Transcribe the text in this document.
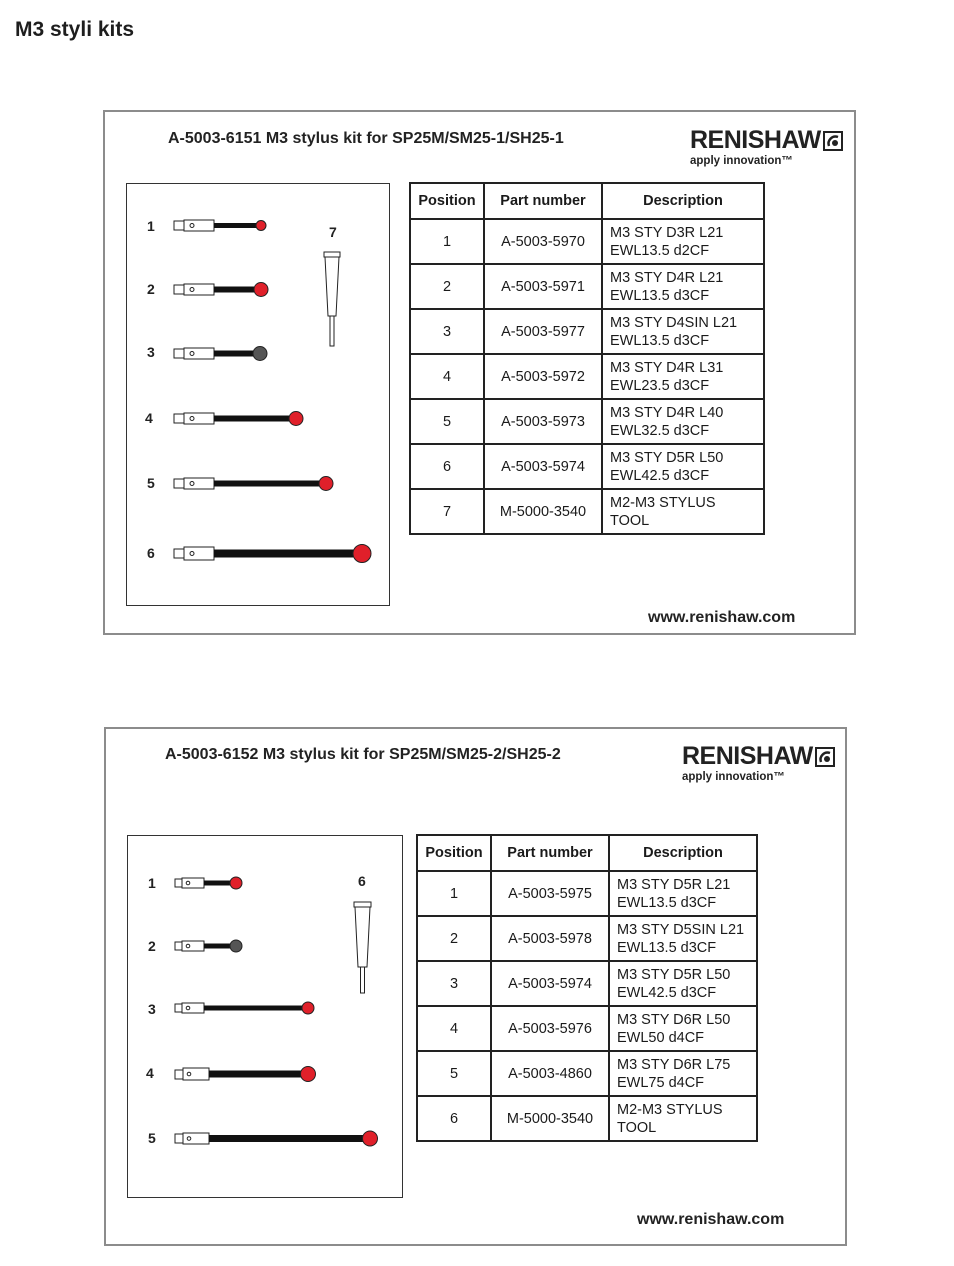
M3 styli kits
A-5003-6151 M3 stylus kit for SP25M/SM25-1/SH25-1	RENISHAW
apply innovation™
1
2
3
4
5
6
7
Position	Part number	Description
1	A-5003-5970	M3 STY D3R L21
EWL13.5 d2CF
2	A-5003-5971	M3 STY D4R L21
EWL13.5 d3CF
3	A-5003-5977	M3 STY D4SIN L21
EWL13.5 d3CF
4	A-5003-5972	M3 STY D4R L31
EWL23.5 d3CF
5	A-5003-5973	M3 STY D4R L40
EWL32.5 d3CF
6	A-5003-5974	M3 STY D5R L50
EWL42.5 d3CF
7	M-5000-3540	M2-M3 STYLUS
TOOL
www.renishaw.com
A-5003-6152 M3 stylus kit for SP25M/SM25-2/SH25-2	RENISHAW
apply innovation™
1
2
3
4
5
6
Position	Part number	Description
1	A-5003-5975	M3 STY D5R L21
EWL13.5 d3CF
2	A-5003-5978	M3 STY D5SIN L21
EWL13.5 d3CF
3	A-5003-5974	M3 STY D5R L50
EWL42.5 d3CF
4	A-5003-5976	M3 STY D6R L50
EWL50 d4CF
5	A-5003-4860	M3 STY D6R L75
EWL75 d4CF
6	M-5000-3540	M2-M3 STYLUS
TOOL
www.renishaw.com
